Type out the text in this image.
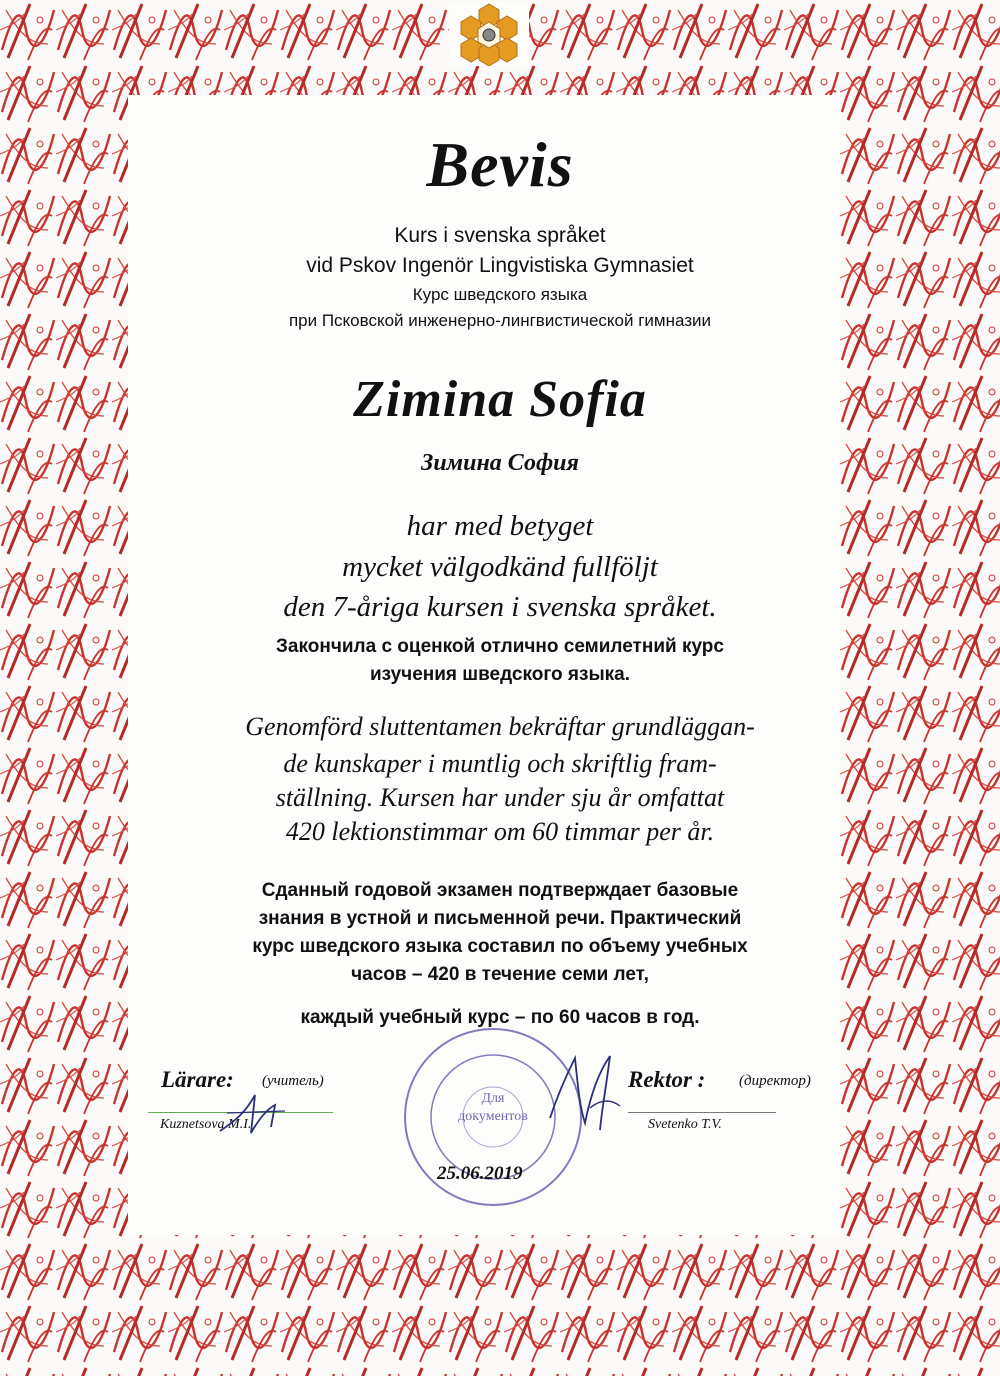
Bevis
Kurs i svenska språket
vid Pskov Ingenör Lingvistiska Gymnasiet
Курс шведского языка
при Псковской инженерно-лингвистической гимназии
Zimina Sofia
Зимина София
har med betyget
mycket välgodkänd fullföljt
den 7-åriga kursen i svenska språket.
Закончила с оценкой отлично семилетний курс
изучения шведского языка.
Genomförd sluttentamen bekräftar grundläggan-
de kunskaper i muntlig och skriftlig fram-
ställning. Kursen har under sju år omfattat
420 lektionstimmar om 60 timmar per år.
Сданный годовой экзамен подтверждает базовые
знания в устной и письменной речи. Практический
курс шведского языка составил по объему учебных
часов – 420 в течение семи лет,
каждый учебный курс – по 60 часов в год.
Для
документов
Lärare: (учитель)
Kuznetsova M.I.
Rektor : (директор)
Svetenko T.V.
25.06.2019
